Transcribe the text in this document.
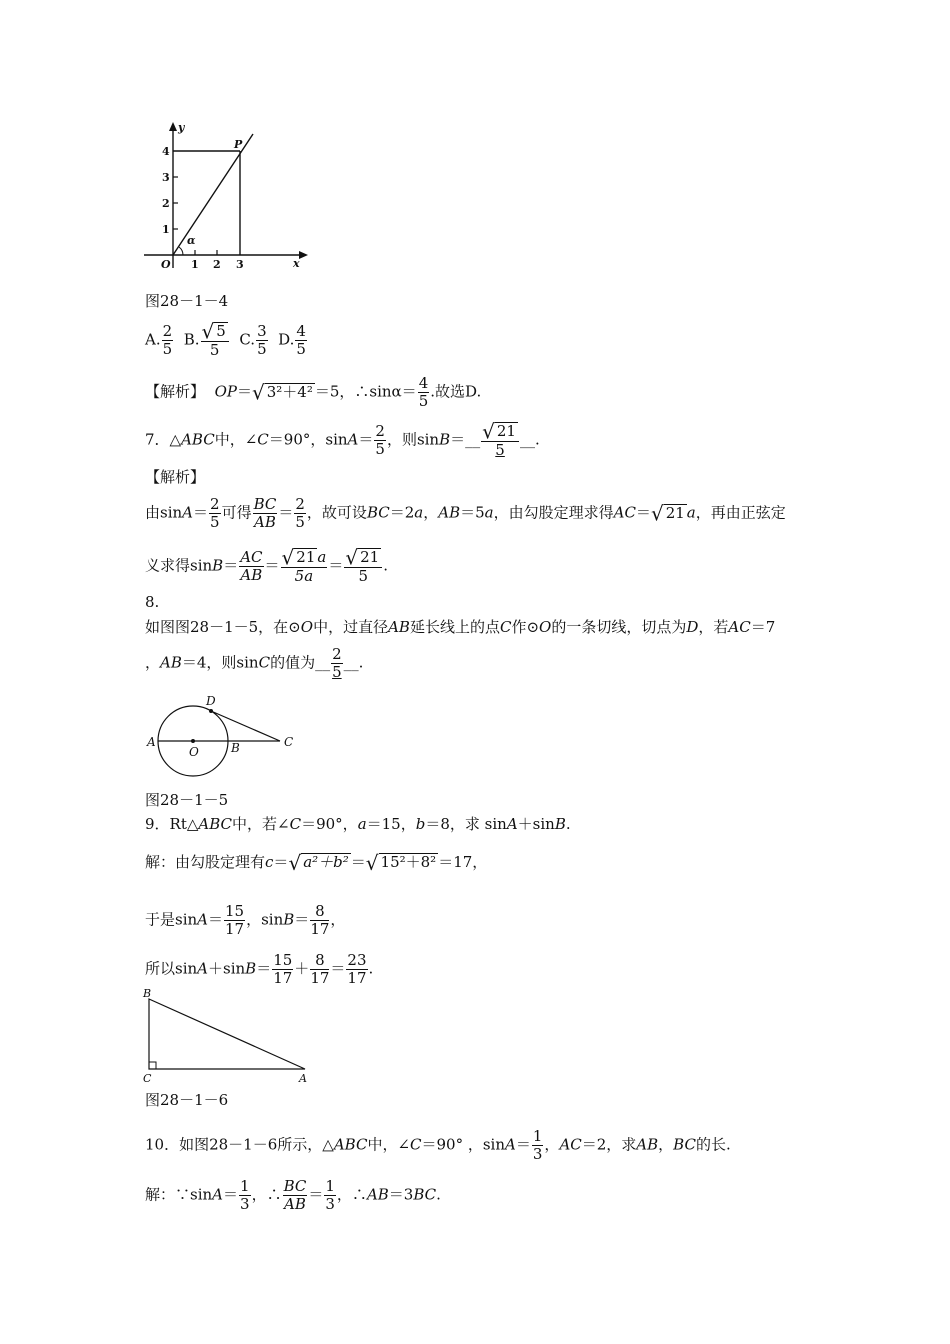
y
x
P
O
α
4
3
2
1
1 2 3
图28－1－4
A. $\frac{2}{5} B$. $\frac{√ 5}{5} C$. $\frac{3}{5} D$. $\frac{4}{5}$
【解析】 OP＝√ 3²＋4² ＝5，∴sinα＝ $\frac{4}{5}$ .故选D.
7．△ABC中，∠C＝90°，$\sin A= \frac{2}{5}$ ，则sinB＝__ $\frac{√ 21}{5}$ __.
【解析】
由$\sin A= \frac{2}{5}$ 可得 $\frac{BC}{AB} = \frac{2}{5}$ ，故可设BC＝2a，AB＝5a，由勾股定理求得AC＝√ 21 a，再由正弦定
义求得$\sin B= \frac{AC}{AB} = \frac{√ 21 a}{5a} = \frac{√ 21}{5}$ .
8.
如图图28－1－5，在⊙O中，过直径AB延长线上的点C作⊙O的一条切线，切点为D，若AC＝7
，AB＝4，则sinC的值为__ $\frac{2}{5}$ __.
A
O	B	C
D
图28－1－5
9．Rt△ABC中，若∠C＝90°，a＝15，b＝8，求 sinA＋sinB.
解：由勾股定理有c＝√ a²＋b² ＝√ 15²＋8² ＝17，
于是$\sin A= \frac{15}{17}$ ，$\sin B= \frac{8}{17}$ ，
所以$\sin A+\sin B= \frac{15}{17} + \frac{8}{17} = \frac{23}{17}$ .
B
C	A
图28－1－6
10．如图28－1－6所示，△ABC中，∠C＝90° ，$\sin A= \frac{1}{3}$ ，AC＝2，求AB，BC的长.
解：∵sinA＝ $\frac{1}{3}$ ，∴ $\frac{BC}{AB} = \frac{1}{3}$ ，∴AB＝3BC.
